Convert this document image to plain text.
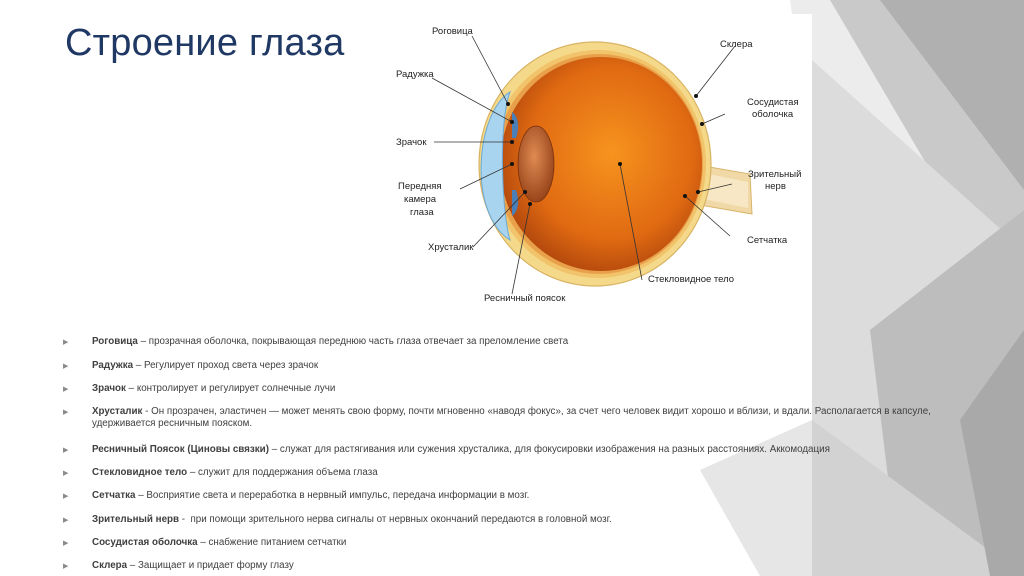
Строение глаза	Роговица
Радужка
Зрачок
Передняя
камера
глаза
Хрусталик
Ресничный поясок
Склера
Сосудистая
оболочка
Зрительный
нерв
Сетчатка
Стекловидное тело
▶ Роговица – прозрачная оболочка, покрывающая переднюю часть глаза отвечает за преломление света
▶ Радужка – Регулирует проход света через зрачок
▶ Зрачок – контролирует и регулирует солнечные лучи
▶ Хрусталик - Он прозрачен, эластичен — может менять свою форму, почти мгновенно «наводя фокус», за счет чего человек видит хорошо и вблизи, и вдали. Располагается в капсуле, удерживается ресничным пояском.
▶ Ресничный Поясок (Циновы связки) – служат для растягивания или сужения хрусталика, для фокусировки изображения на разных расстояниях. Аккомодация
▶ Стекловидное тело – служит для поддержания объема глаза
▶ Сетчатка – Восприятие света и переработка в нервный импульс, передача информации в мозг.
▶ Зрительный нерв -  при помощи зрительного нерва сигналы от нервных окончаний передаются в головной мозг.
▶ Сосудистая оболочка – снабжение питанием сетчатки
▶ Склера – Защищает и придает форму глазу
